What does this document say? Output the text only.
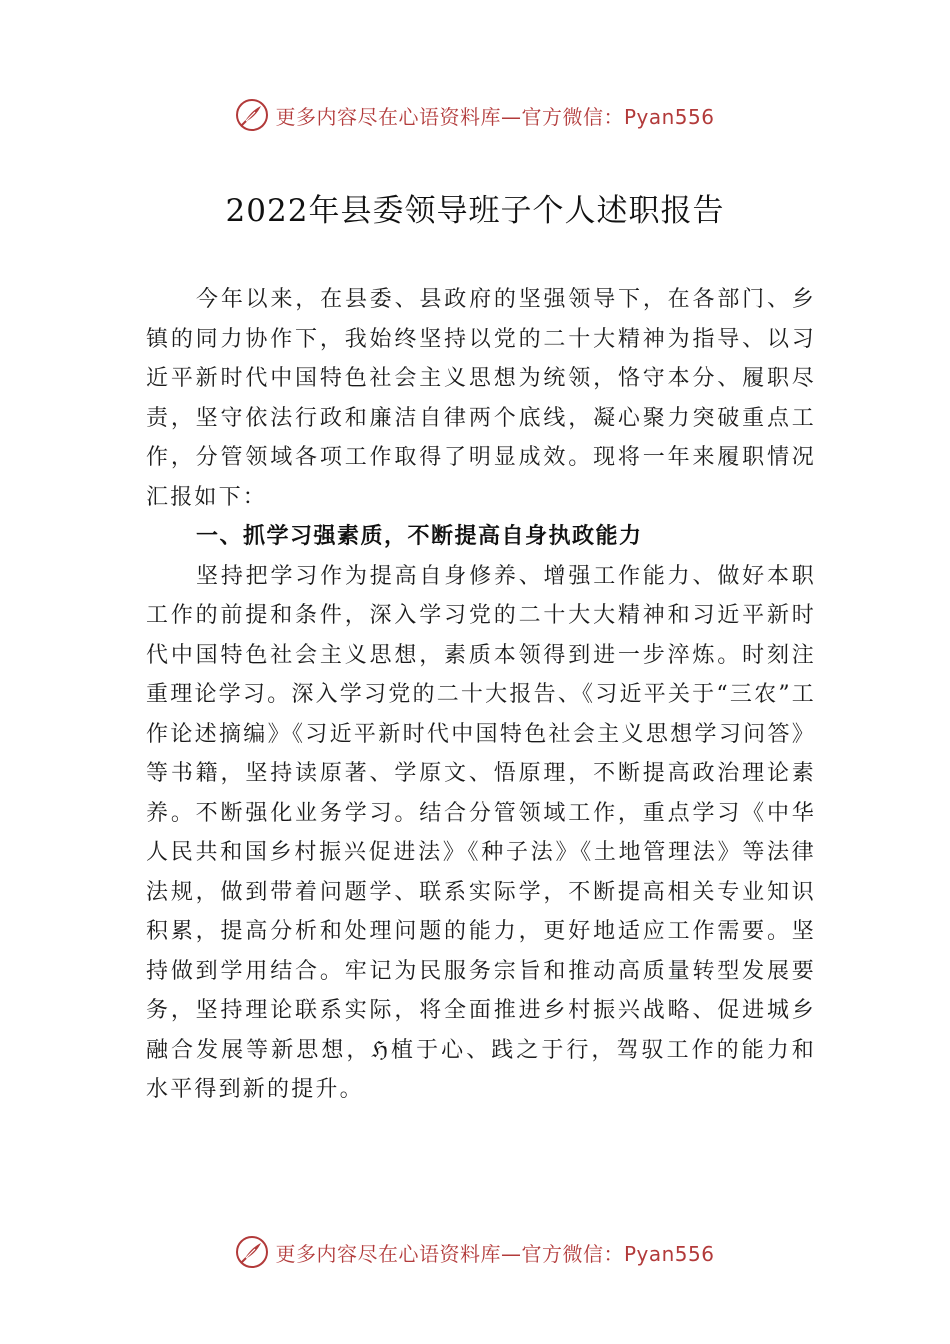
更多内容尽在心语资料库—官方微信：Pyan556
2022年县委领导班子个人述职报告

今年以来，在县委、县政府的坚强领导下，在各部门、乡镇的同力协作下，我始终坚持以党的二十大精神为指导、以习近平新时代中国特色社会主义思想为统领，恪守本分、履职尽责，坚守依法行政和廉洁自律两个底线，凝心聚力突破重点工作，分管领域各项工作取得了明显成效。现将一年来履职情况汇报如下：

一、抓学习强素质，不断提高自身执政能力

坚持把学习作为提高自身修养、增强工作能力、做好本职工作的前提和条件，深入学习党的二十大大精神和习近平新时代中国特色社会主义思想，素质本领得到进一步淬炼。时刻注重理论学习。深入学习党的二十大报告、《习近平关于“三农”工作论述摘编》《习近平新时代中国特色社会主义思想学习问答》等书籍，坚持读原著、学原文、悟原理，不断提高政治理论素养。不断强化业务学习。结合分管领域工作，重点学习《中华人民共和国乡村振兴促进法》《种子法》《土地管理法》等法律法规，做到带着问题学、联系实际学，不断提高相关专业知识积累，提高分析和处理问题的能力，更好地适应工作需要。坚持做到学用结合。牢记为民服务宗旨和推动高质量转型发展要务，坚持理论联系实际，将全面推进乡村振兴战略、促进城乡融合发展等新思想，ℌ植于心、践之于行，驾驭工作的能力和水平得到新的提升。

更多内容尽在心语资料库—官方微信：Pyan556
